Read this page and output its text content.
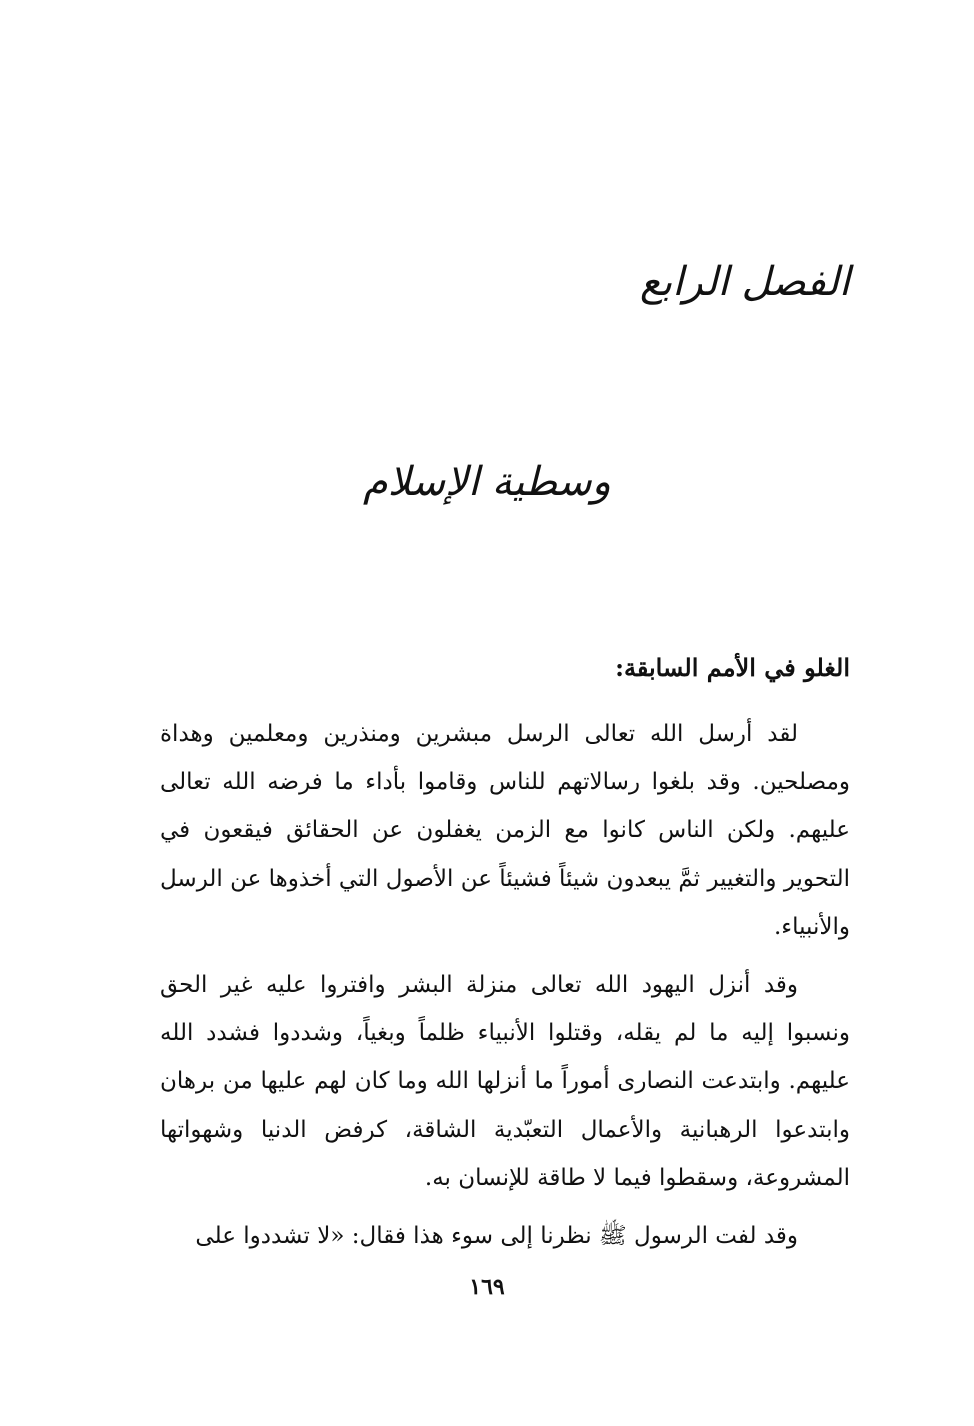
الفصل الرابع
وسطية الإسلام
الغلو في الأمم السابقة:

لقد أرسل الله تعالى الرسل مبشرين ومنذرين ومعلمين وهداة ومصلحين. وقد بلغوا رسالاتهم للناس وقاموا بأداء ما فرضه الله تعالى عليهم. ولكن الناس كانوا مع الزمن يغفلون عن الحقائق فيقعون في التحوير والتغيير ثمَّ يبعدون شيئاً فشيئاً عن الأصول التي أخذوها عن الرسل والأنبياء.

وقد أنزل اليهود الله تعالى منزلة البشر وافتروا عليه غير الحق ونسبوا إليه ما لم يقله، وقتلوا الأنبياء ظلماً وبغياً، وشددوا فشدد الله عليهم. وابتدعت النصارى أموراً ما أنزلها الله وما كان لهم عليها من برهان وابتدعوا الرهبانية والأعمال التعبّدية الشاقة، كرفض الدنيا وشهواتها المشروعة، وسقطوا فيما لا طاقة للإنسان به.

وقد لفت الرسول ﷺ نظرنا إلى سوء هذا فقال: «لا تشددوا على

١٦٩
